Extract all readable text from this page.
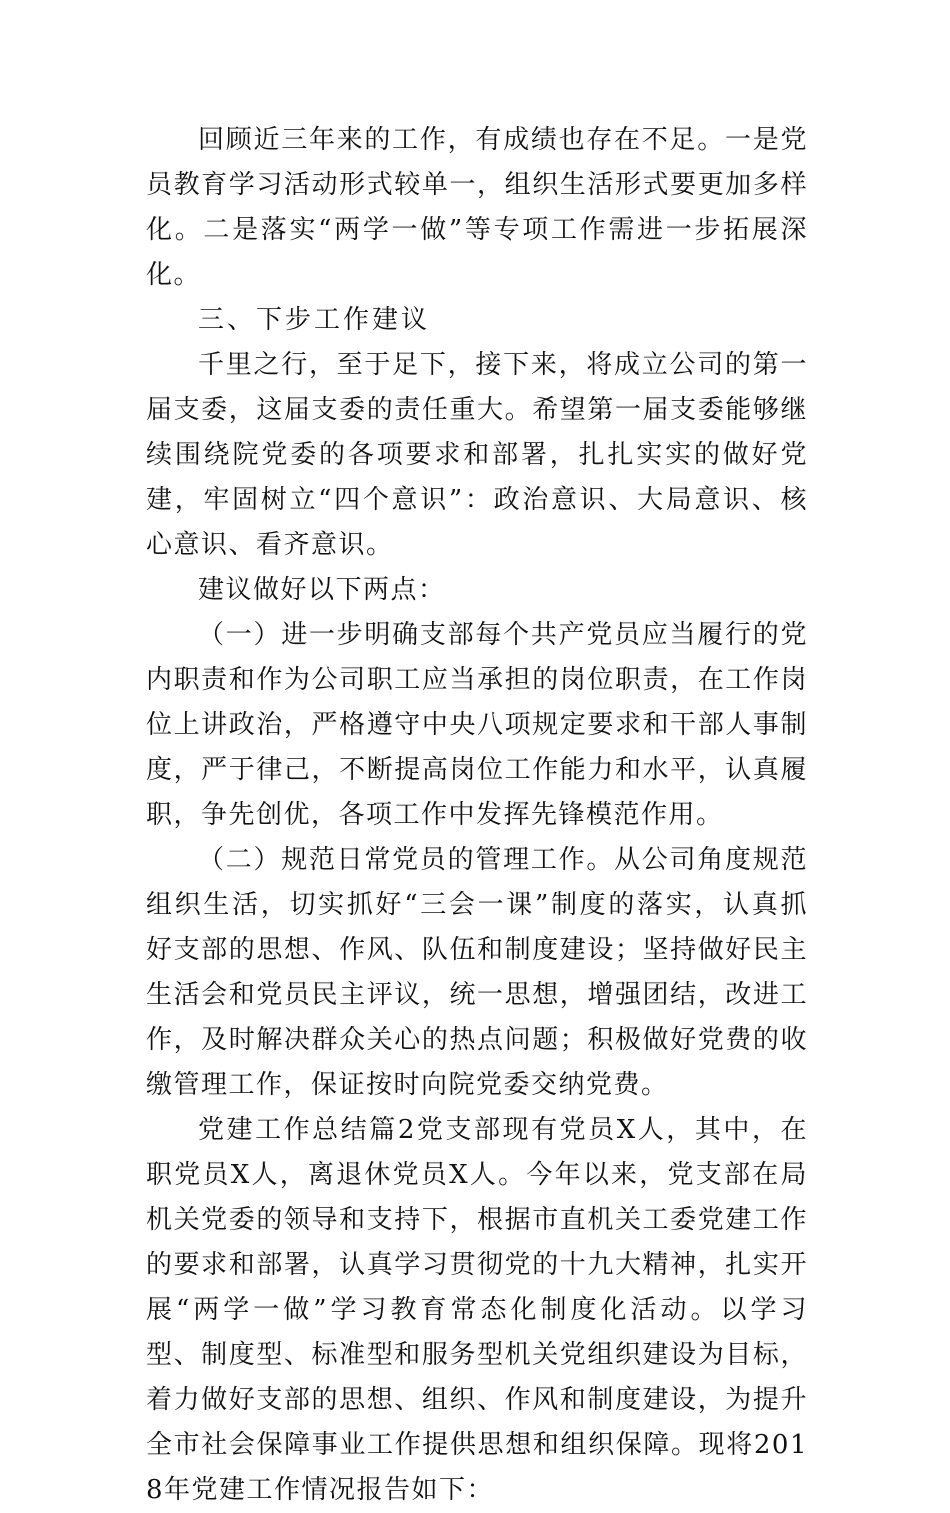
回顾近三年来的工作，有成绩也存在不足。一是党员教育学习活动形式较单一，组织生活形式要更加多样化。二是落实“两学一做”等专项工作需进一步拓展深化。

三、下步工作建议

千里之行，至于足下，接下来，将成立公司的第一届支委，这届支委的责任重大。希望第一届支委能够继续围绕院党委的各项要求和部署，扎扎实实的做好党建，牢固树立“四个意识”：政治意识、大局意识、核心意识、看齐意识。

建议做好以下两点：

（一）进一步明确支部每个共产党员应当履行的党内职责和作为公司职工应当承担的岗位职责，在工作岗位上讲政治，严格遵守中央八项规定要求和干部人事制度，严于律己，不断提高岗位工作能力和水平，认真履职，争先创优，各项工作中发挥先锋模范作用。

（二）规范日常党员的管理工作。从公司角度规范组织生活，切实抓好“三会一课”制度的落实，认真抓好支部的思想、作风、队伍和制度建设；坚持做好民主生活会和党员民主评议，统一思想，增强团结，改进工作，及时解决群众关心的热点问题；积极做好党费的收缴管理工作，保证按时向院党委交纳党费。

党建工作总结篇2党支部现有党员X人，其中，在职党员X人，离退休党员X人。今年以来，党支部在局机关党委的领导和支持下，根据市直机关工委党建工作的要求和部署，认真学习贯彻党的十九大精神，扎实开展“两学一做”学习教育常态化制度化活动。以学习型、制度型、标准型和服务型机关党组织建设为目标，着力做好支部的思想、组织、作风和制度建设，为提升全市社会保障事业工作提供思想和组织保障。现将2018年党建工作情况报告如下：
